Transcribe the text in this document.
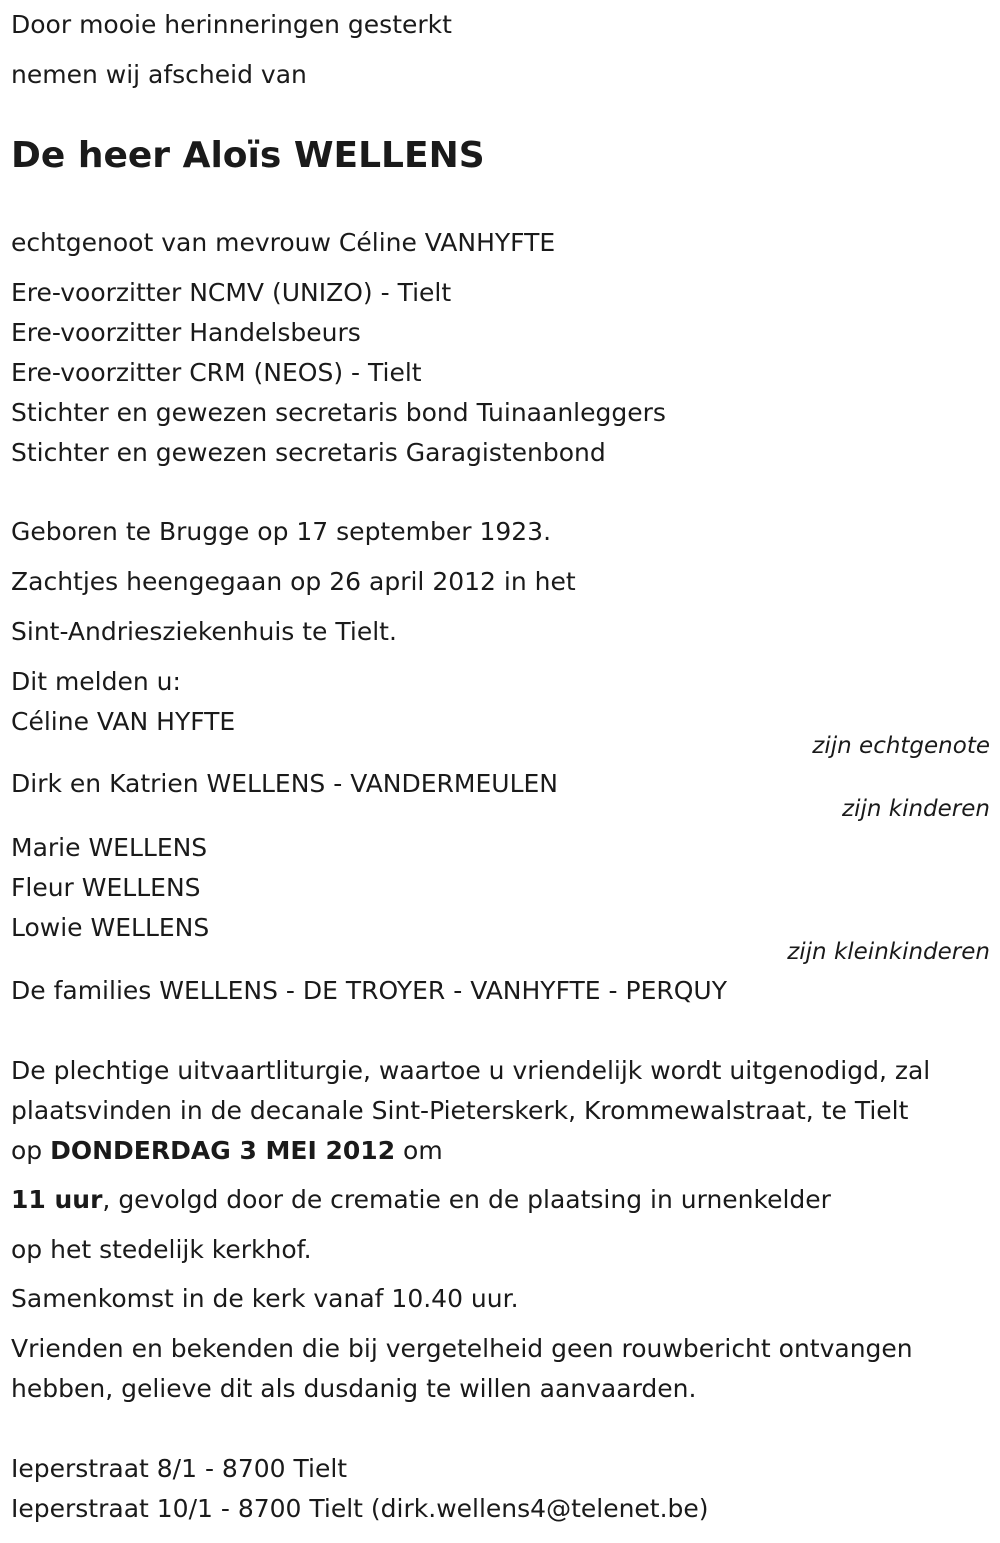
Door mooie herinneringen gesterkt

nemen wij afscheid van

De heer Aloïs WELLENS

echtgenoot van mevrouw Céline VANHYFTE

Ere-voorzitter NCMV (UNIZO) - Tielt

Ere-voorzitter Handelsbeurs

Ere-voorzitter CRM (NEOS) - Tielt

Stichter en gewezen secretaris bond Tuinaanleggers

Stichter en gewezen secretaris Garagistenbond

Geboren te Brugge op 17 september 1923.

Zachtjes heengegaan op 26 april 2012 in het

Sint-Andriesziekenhuis te Tielt.

Dit melden u:

Céline VAN HYFTE

zijn echtgenote

Dirk en Katrien WELLENS - VANDERMEULEN

zijn kinderen

Marie WELLENS

Fleur WELLENS

Lowie WELLENS

zijn kleinkinderen

De families WELLENS - DE TROYER - VANHYFTE - PERQUY

De plechtige uitvaartliturgie, waartoe u vriendelijk wordt uitgenodigd, zal

plaatsvinden in de decanale Sint-Pieterskerk, Krommewalstraat, te Tielt

op DONDERDAG 3 MEI 2012 om

11 uur, gevolgd door de crematie en de plaatsing in urnenkelder

op het stedelijk kerkhof.

Samenkomst in de kerk vanaf 10.40 uur.

Vrienden en bekenden die bij vergetelheid geen rouwbericht ontvangen

hebben, gelieve dit als dusdanig te willen aanvaarden.

Ieperstraat 8/1 - 8700 Tielt

Ieperstraat 10/1 - 8700 Tielt (dirk.wellens4@telenet.be)
